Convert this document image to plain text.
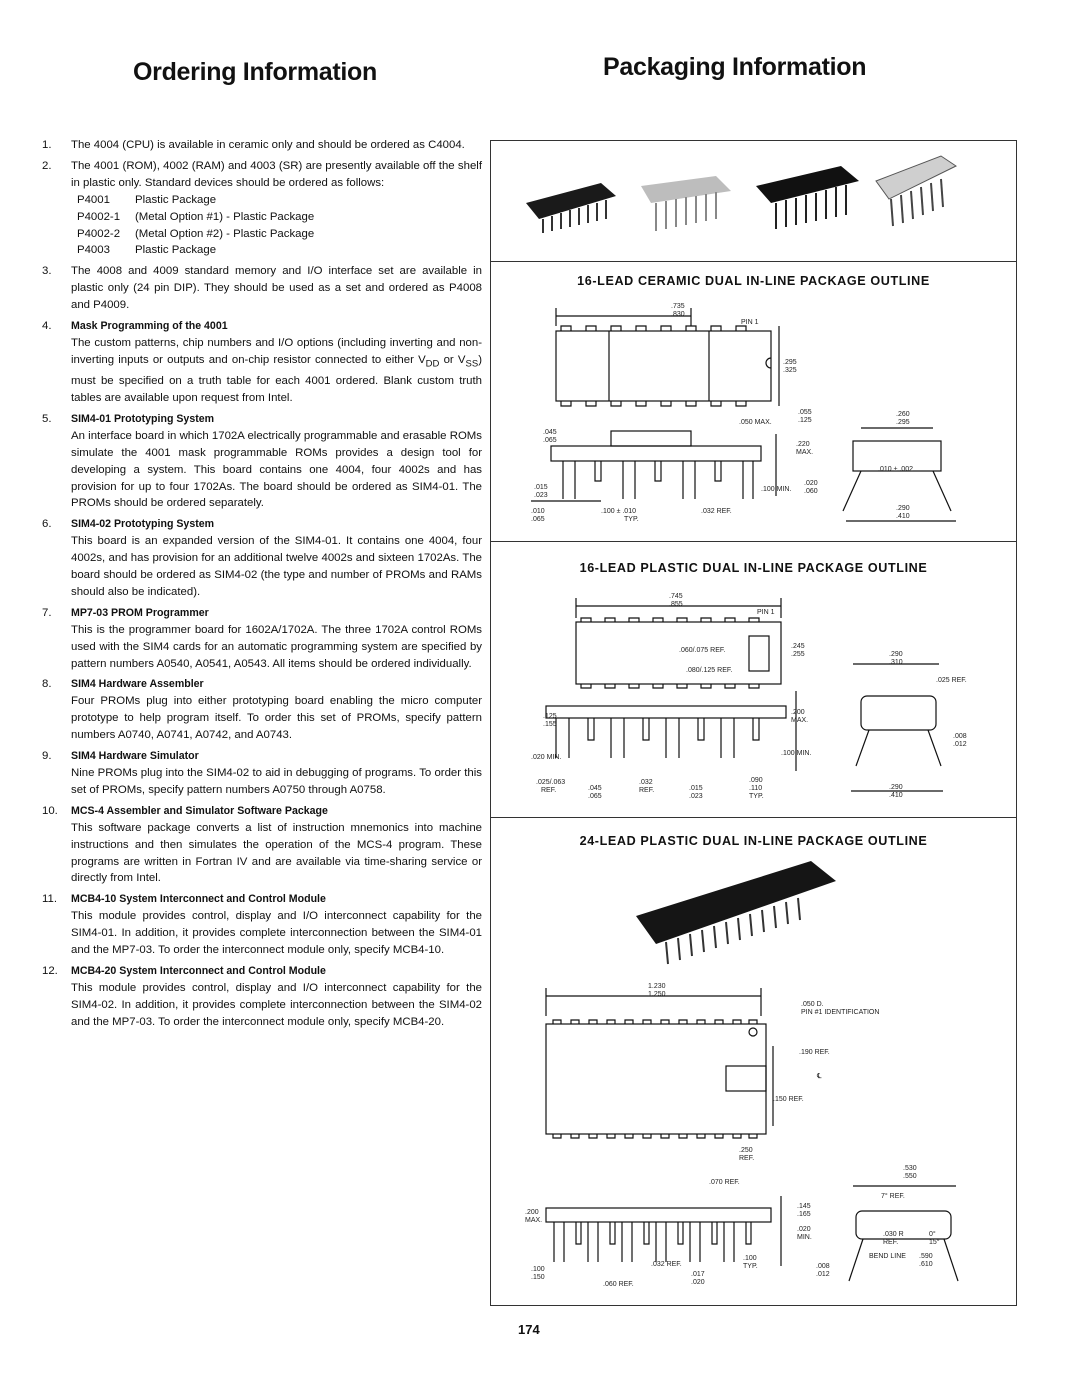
Ordering Information	Packaging Information
1.	The 4004 (CPU) is available in ceramic only and should be ordered as C4004.
2.	The 4001 (ROM), 4002 (RAM) and 4003 (SR) are presently available off the shelf in plastic only. Standard devices should be ordered as follows:
P4001	Plastic Package
P4002-1	(Metal Option #1) - Plastic Package
P4002-2	(Metal Option #2) - Plastic Package
P4003	Plastic Package
3.	The 4008 and 4009 standard memory and I/O interface set are available in plastic only (24 pin DIP). They should be used as a set and ordered as P4008 and P4009.
4.	Mask Programming of the 4001
The custom patterns, chip numbers and I/O options (including inverting and non-inverting inputs or outputs and on-chip resistor connected to either $V_{DD}$ or $V_{SS}$) must be specified on a truth table for each 4001 ordered. Blank custom truth tables are available upon request from Intel.
5.	SIM4-01 Prototyping System
An interface board in which 1702A electrically programmable and erasable ROMs simulate the 4001 mask programmable ROMs provides a design tool for developing a system. This board contains one 4004, four 4002s and has provision for up to four 1702As. The board should be ordered as SIM4-01. The PROMs should be ordered separately.
6.	SIM4-02 Prototyping System
This board is an expanded version of the SIM4-01. It contains one 4004, four 4002s, and has provision for an additional twelve 4002s and sixteen 1702As. The board should be ordered as SIM4-02 (the type and number of PROMs and RAMs should also be indicated).
7.	MP7-03 PROM Programmer
This is the programmer board for 1602A/1702A. The three 1702A control ROMs used with the SIM4 cards for an automatic programming system are specified by pattern numbers A0540, A0541, A0543. All items should be ordered individually.
8.	SIM4 Hardware Assembler
Four PROMs plug into either prototyping board enabling the micro computer prototype to help program itself. To order this set of PROMs, specify pattern numbers A0740, A0741, A0742, and A0743.
9.	SIM4 Hardware Simulator
Nine PROMs plug into the SIM4-02 to aid in debugging of programs. To order this set of PROMs, specify pattern numbers A0750 through A0758.
10.	MCS-4 Assembler and Simulator Software Package
This software package converts a list of instruction mnemonics into machine instructions and then simulates the operation of the MCS-4 program. These programs are written in Fortran IV and are available via time-sharing service or directly from Intel.
11.	MCB4-10 System Interconnect and Control Module
This module provides control, display and I/O interconnect capability for the SIM4-01. In addition, it provides complete interconnection between the SIM4-01 and the MP7-03. To order the interconnect module only, specify MCB4-10.
12.	MCB4-20 System Interconnect and Control Module
This module provides control, display and I/O interconnect capability for the SIM4-02. In addition, it provides complete interconnection between the SIM4-02 and the MP7-03. To order the interconnect module only, specify MCB4-20.
16-LEAD CERAMIC DUAL IN-LINE PACKAGE OUTLINE
.735
.830
PIN 1
.295
.325
.050 MAX.
.055
.125
.220
MAX.
.045
.065
.015
.023
.010
.065
.100 ± .010
TYP.
.032 REF.
.100 MIN.
.020
.060
.260
.295
.010 ± .002
.290
.410
16-LEAD PLASTIC DUAL IN-LINE PACKAGE OUTLINE
.745
.855
PIN 1
.060/.075 REF.
.080/.125 REF.
.245
.255	.290
.310
.025 REF.
.125
.155
.200
MAX.
.008
.012
.020 MIN.
.100 MIN.
.025/.063
REF.	.045
.065
.032
REF.	.015
.023
.090
.110
TYP.
.290
.410
24-LEAD PLASTIC DUAL IN-LINE PACKAGE OUTLINE
1.230
1.250
.050 D.
PIN #1 IDENTIFICATION
.190 REF.
℄
.150 REF.
.250
REF.
.070 REF.
.530
.550
7° REF.
.200
MAX.
.145
.165
.030 R
REF.
0°
15°
.020
MIN.
BEND LINE .590
.610
.100
.150
.032 REF.
.100
TYP.
.060 REF.
.017
.020
.008
.012
174
